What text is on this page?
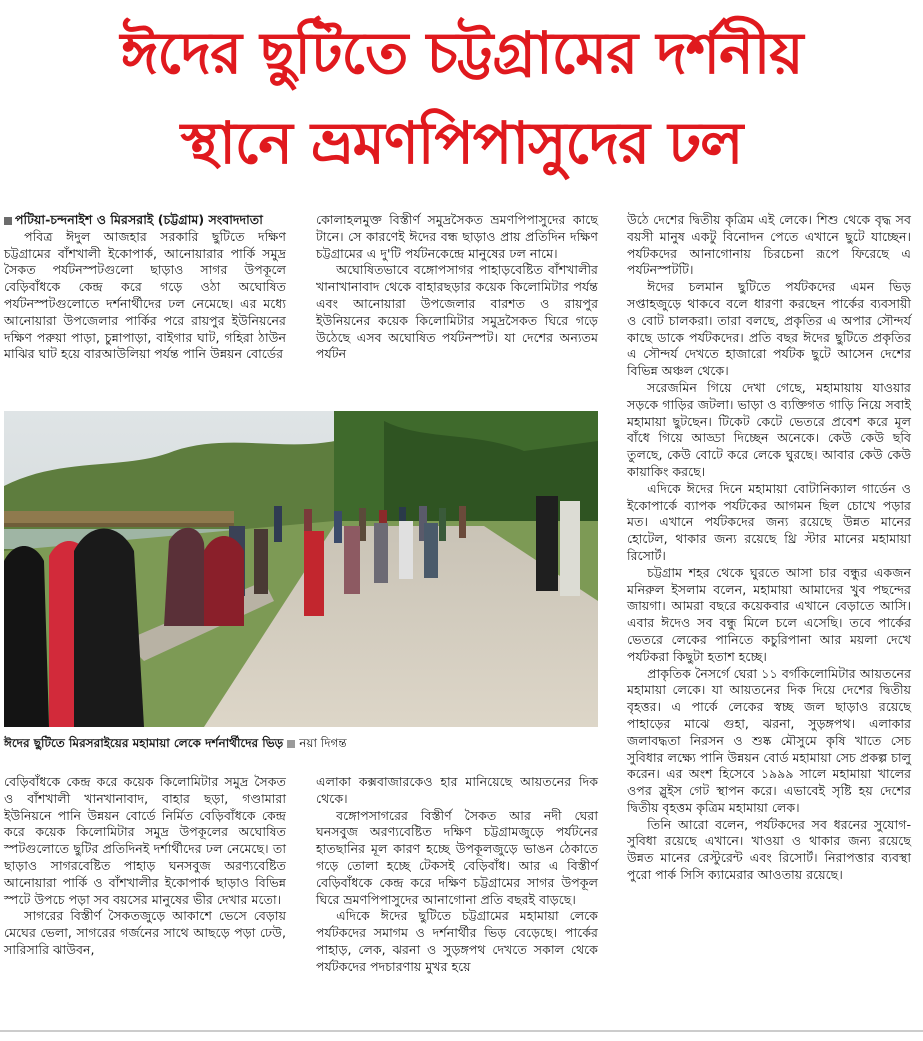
ঈদের ছুটিতে চট্টগ্রামের দর্শনীয়
স্থানে ভ্রমণপিপাসুদের ঢল

পটিয়া-চন্দনাইশ ও মিরসরাই (চট্টগ্রাম) সংবাদদাতা

পবিত্র ঈদুল আজহার সরকারি ছুটিতে দক্ষিণ চট্টগ্রামের বাঁশখালী ইকোপার্ক, আনোয়ারার পার্কি সমুদ্র সৈকত পর্যটনস্পটগুলো ছাড়াও সাগর উপকূলে বেড়িবাঁধকে কেন্দ্র করে গড়ে ওঠা অঘোষিত পর্যটনস্পটগুলোতে দর্শনার্থীদের ঢল নেমেছে। এর মধ্যে আনোয়ারা উপজেলার পার্কির পরে রায়পুর ইউনিয়নের দক্ষিণ পরুয়া পাড়া, চুন্নাপাড়া, বাইগার ঘাট, গহিরা ঠাউন মাঝির ঘাট হয়ে বারআউলিয়া পর্যন্ত পানি উন্নয়ন বোর্ডের

কোলাহলমুক্ত বিস্তীর্ণ সমুদ্রসৈকত ভ্রমণপিপাসুদের কাছে টানে। সে কারণেই ঈদের বন্ধ ছাড়াও প্রায় প্রতিদিন দক্ষিণ চট্টগ্রামের এ দু'টি পর্যটনকেন্দ্রে মানুষের ঢল নামে।

অঘোষিতভাবে বঙ্গোপসাগর পাহাড়বেষ্টিত বাঁশখালীর খানাখানাবাদ থেকে বাহারছড়ার কয়েক কিলোমিটার পর্যন্ত এবং আনোয়ারা উপজেলার বারশত ও রায়পুর ইউনিয়নের কয়েক কিলোমিটার সমুদ্রসৈকত ঘিরে গড়ে উঠেছে এসব অঘোষিত পর্যটনস্পট। যা দেশের অন্যতম পর্যটন

ঈদের ছুটিতে মিরসরাইয়ের মহামায়া লেকে দর্শনার্থীদের ভিড় নয়া দিগন্ত

বেড়িবাঁধকে কেন্দ্র করে কয়েক কিলোমিটার সমুদ্র সৈকত ও বাঁশখালী খানখানাবাদ, বাহার ছড়া, গণ্ডামারা ইউনিয়নে পানি উন্নয়ন বোর্ডে নির্মিত বেড়িবাঁধকে কেন্দ্র করে কয়েক কিলোমিটার সমুদ্র উপকূলের অঘোষিত স্পটগুলোতে ছুটির প্রতিদিনই দর্শার্থীদের ঢল নেমেছে। তা ছাড়াও সাগরবেষ্টিত পাহাড় ঘনসবুজ অরণ্যবেষ্টিত আনোয়ারা পার্কি ও বাঁশখালীর ইকোপার্ক ছাড়াও বিভিন্ন স্পটে উপচে পড়া সব বয়সের মানুষের ভীর দেখার মতো।

সাগরের বিস্তীর্ণ সৈকতজুড়ে আকাশে ভেসে বেড়ায় মেঘের ভেলা, সাগরের গর্জনের সাথে আছড়ে পড়া ঢেউ, সারিসারি ঝাউবন,

এলাকা কক্সবাজারকেও হার মানিয়েছে আয়তনের দিক থেকে।

বঙ্গোপসাগরের বিস্তীর্ণ সৈকত আর নদী ঘেরা ঘনসবুজ অরণ্যবেষ্টিত দক্ষিণ চট্টগ্রামজুড়ে পর্যটনের হাতছানির মূল কারণ হচ্ছে উপকূলজুড়ে ভাঙন ঠেকাতে গড়ে তোলা হচ্ছে টেকসই বেড়িবাঁধ। আর এ বিস্তীর্ণ বেড়িবাঁধকে কেন্দ্র করে দক্ষিণ চট্টগ্রামের সাগর উপকূল ঘিরে ভ্রমণপিপাসুদের আনাগোনা প্রতি বছরই বাড়ছে।

এদিকে ঈদের ছুটিতে চট্টগ্রামের মহামায়া লেকে পর্যটকদের সমাগম ও দর্শনার্থীর ভিড় বেড়েছে। পার্কের পাহাড়, লেক, ঝরনা ও সুড়ঙ্গপথ দেখতে সকাল থেকে পর্যটকদের পদচারণায় মুখর হয়ে

উঠে দেশের দ্বিতীয় কৃত্রিম এই লেকে। শিশু থেকে বৃদ্ধ সব বয়সী মানুষ একটু বিনোদন পেতে এখানে ছুটে যাচ্ছেন। পর্যটকদের আনাগোনায় চিরচেনা রূপে ফিরেছে এ পর্যটনস্পটটি।

ঈদের চলমান ছুটিতে পর্যটকদের এমন ভিড় সপ্তাহজুড়ে থাকবে বলে ধারণা করছেন পার্কের ব্যবসায়ী ও বোট চালকরা। তারা বলছে, প্রকৃতির এ অপার সৌন্দর্য কাছে ডাকে পর্যটকদের। প্রতি বছর ঈদের ছুটিতে প্রকৃতির এ সৌন্দর্য দেখতে হাজারো পর্যটক ছুটে আসেন দেশের বিভিন্ন অঞ্চল থেকে।

সরেজমিন গিয়ে দেখা গেছে, মহামায়ায় যাওয়ার সড়কে গাড়ির জটলা। ভাড়া ও ব্যক্তিগত গাড়ি নিয়ে সবাই মহামায়া ছুটছেন। টিকেট কেটে ভেতরে প্রবেশ করে মূল বাঁধে গিয়ে আড্ডা দিচ্ছেন অনেকে। কেউ কেউ ছবি তুলছে, কেউ বোটে করে লেকে ঘুরছে। আবার কেউ কেউ কায়াকিং করছে।

এদিকে ঈদের দিনে মহামায়া বোটানিক্যাল গার্ডেন ও ইকোপার্কে ব্যাপক পর্যটকের আগমন ছিল চোখে পড়ার মত। এখানে পর্যটকদের জন্য রয়েছে উন্নত মানের হোটেল, থাকার জন্য রয়েছে থ্রি স্টার মানের মহামায়া রিসোর্ট।

চট্টগ্রাম শহর থেকে ঘুরতে আসা চার বন্ধুর একজন মনিরুল ইসলাম বলেন, মহামায়া আমাদের খুব পছন্দের জায়গা। আমরা বছরে কয়েকবার এখানে বেড়াতে আসি। এবার ঈদেও সব বন্ধু মিলে চলে এসেছি। তবে পার্কের ভেতরে লেকের পানিতে কচুরিপানা আর ময়লা দেখে পর্যটকরা কিছুটা হতাশ হচ্ছে।

প্রাকৃতিক নৈসর্গে ঘেরা ১১ বর্গকিলোমিটার আয়তনের মহামায়া লেকে। যা আয়তনের দিক দিয়ে দেশের দ্বিতীয় বৃহত্তর। এ পার্কে লেকের স্বচ্ছ জল ছাড়াও রয়েছে পাহাড়ের মাঝে গুহা, ঝরনা, সুড়ঙ্গপথ। এলাকার জলাবদ্ধতা নিরসন ও শুষ্ক মৌসুমে কৃষি খাতে সেচ সুবিধার লক্ষ্যে পানি উন্নয়ন বোর্ড মহামায়া সেচ প্রকল্প চালু করেন। এর অংশ হিসেবে ১৯৯৯ সালে মহামায়া খালের ওপর স্লুইস গেট স্থাপন করে। এভাবেই সৃষ্টি হয় দেশের দ্বিতীয় বৃহত্তম কৃত্রিম মহামায়া লেক।

তিনি আরো বলেন, পর্যটকদের সব ধরনের সুযোগ-সুবিধা রয়েছে এখানে। খাওয়া ও থাকার জন্য রয়েছে উন্নত মানের রেস্টুরেন্ট এবং রিসোর্ট। নিরাপত্তার ব্যবস্থা পুরো পার্ক সিসি ক্যামেরার আওতায় রয়েছে।
